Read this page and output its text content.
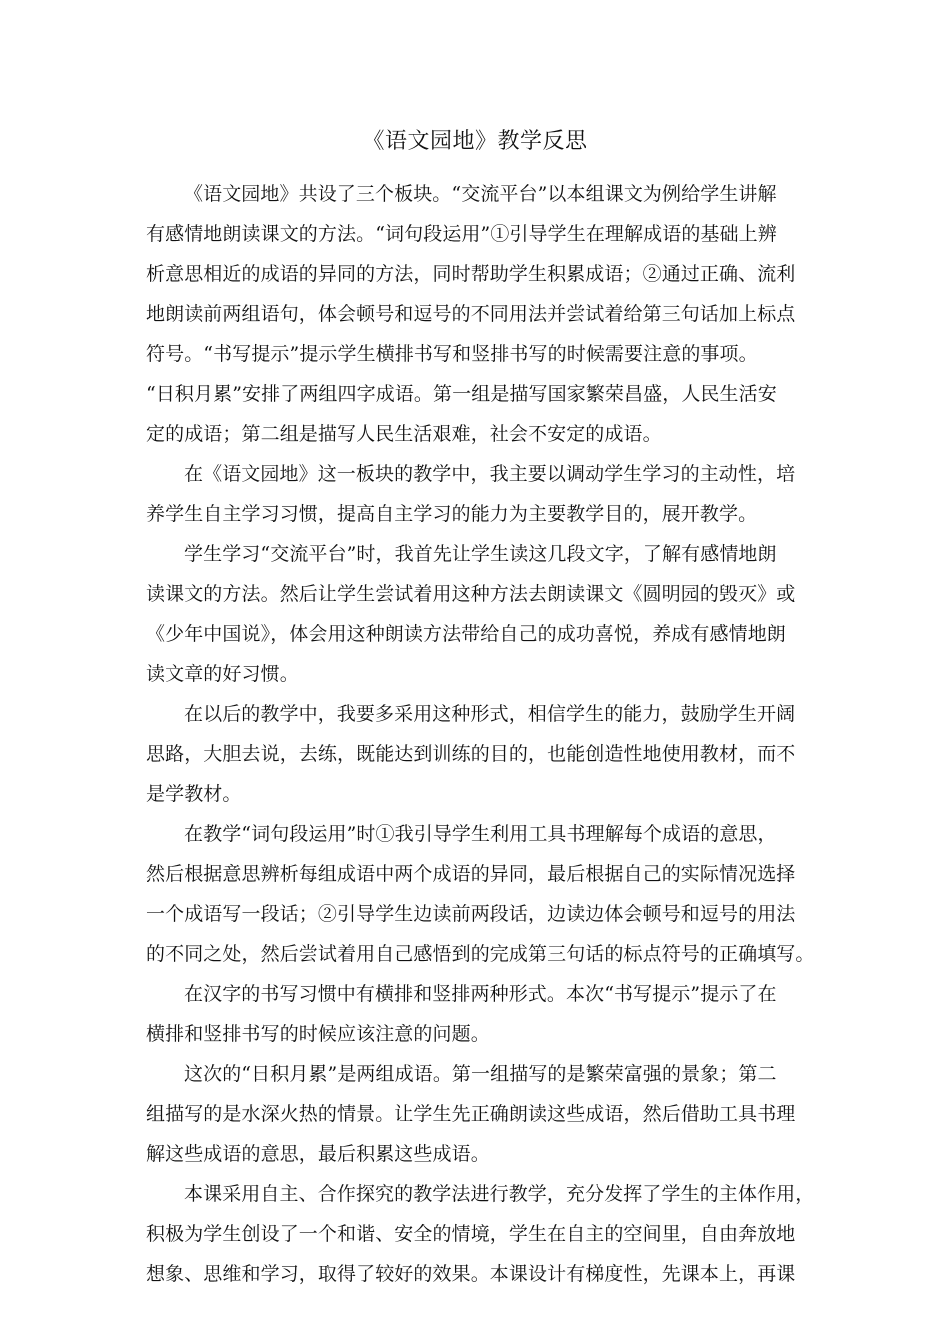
《语文园地》教学反思
《语文园地》共设了三个板块。“交流平台”以本组课文为例给学生讲解
有感情地朗读课文的方法。“词句段运用”①引导学生在理解成语的基础上辨
析意思相近的成语的异同的方法，同时帮助学生积累成语；②通过正确、流利
地朗读前两组语句，体会顿号和逗号的不同用法并尝试着给第三句话加上标点
符号。“书写提示”提示学生横排书写和竖排书写的时候需要注意的事项。
“日积月累”安排了两组四字成语。第一组是描写国家繁荣昌盛，人民生活安
定的成语；第二组是描写人民生活艰难，社会不安定的成语。
在《语文园地》这一板块的教学中，我主要以调动学生学习的主动性，培
养学生自主学习习惯，提高自主学习的能力为主要教学目的，展开教学。
学生学习“交流平台”时，我首先让学生读这几段文字，了解有感情地朗
读课文的方法。然后让学生尝试着用这种方法去朗读课文《圆明园的毁灭》或
《少年中国说》，体会用这种朗读方法带给自己的成功喜悦，养成有感情地朗
读文章的好习惯。
在以后的教学中，我要多采用这种形式，相信学生的能力，鼓励学生开阔
思路，大胆去说，去练，既能达到训练的目的，也能创造性地使用教材，而不
是学教材。
在教学“词句段运用”时①我引导学生利用工具书理解每个成语的意思，
然后根据意思辨析每组成语中两个成语的异同，最后根据自己的实际情况选择
一个成语写一段话；②引导学生边读前两段话，边读边体会顿号和逗号的用法
的不同之处，然后尝试着用自己感悟到的完成第三句话的标点符号的正确填写。
在汉字的书写习惯中有横排和竖排两种形式。本次“书写提示”提示了在
横排和竖排书写的时候应该注意的问题。
这次的“日积月累”是两组成语。第一组描写的是繁荣富强的景象；第二
组描写的是水深火热的情景。让学生先正确朗读这些成语，然后借助工具书理
解这些成语的意思，最后积累这些成语。
本课采用自主、合作探究的教学法进行教学，充分发挥了学生的主体作用，
积极为学生创设了一个和谐、安全的情境，学生在自主的空间里，自由奔放地
想象、思维和学习，取得了较好的效果。本课设计有梯度性，先课本上，再课
